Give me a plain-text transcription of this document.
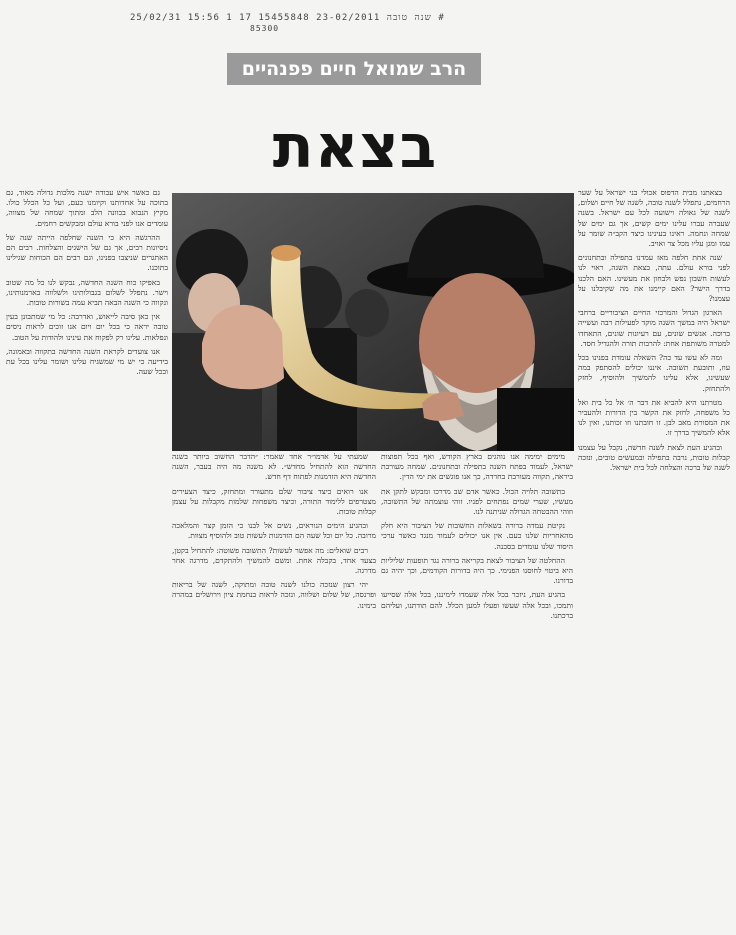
25/02/31 15:56 1 17 שנה טובה 23-02/2011 15455848 #
85300
הרב שמואל חיים פפנהיים
בצאת

בצאתנו מבית הדפוס אכולי בני ישראל על שער הרחמים, נתפלל לשנה טובה, לשנה של חיים ושלום, לשנה של גאולה וישועה לכל עם ישראל. בשנה שעברה עברו עלינו ימים קשים, אך גם ימים של שמחה ונחמה. ראינו בעינינו כיצד הקב״ה שומר על עמו ומגן עליו מכל צר ואויב.

שנה אחת חלפה מאז עמדנו בתפילה ובתחנונים לפני בורא עולם. עתה, בצאת השנה, ראוי לנו לעשות חשבון נפש ולבחון את מעשינו. האם הלכנו בדרך הישר? האם קיימנו את מה שקיבלנו על עצמנו?

הארגון הגדול והמרכזי החיים הציבוריים ברחבי ישראל היה במשך השנה מוקד לפעילות רבה ועשייה ברוכה. אנשים שונים, עם רעיונות שונים, התאחדו למטרה משותפת אחת: להרבות תורה ולהגדיל חסד.

ומה לא עשו עד כה? השאלה עומדת בפנינו בכל עוז, ותובעת תשובה. איננו יכולים להסתפק במה שעשינו, אלא עלינו להמשיך ולהוסיף, לחזק ולהתחזק.

מטרתנו היא להביא את דבר ה׳ אל כל בית ואל כל משפחה, לחזק את הקשר בין הדורות ולהעביר את המסורת מאב לבן. זו חובתנו וזו זכותנו, ואין לנו אלא להמשיך בדרך זו.

ובהגיע העת לצאת לשנה חדשה, נקבל על עצמנו קבלות טובות, נרבה בתפילה ובמעשים טובים, ונזכה לשנה של ברכה והצלחה לכל בית ישראל.

גם כאשר איש עבודה ישנה מלכות גדולה מאוד, גם בתוכה על אחדותנו וקיומנו כעם, ועל כל הכלל כולו. מקיץ הנבוא בכוונה הלב ומתוך שמחה של מצווה, עומדים אנו לפני בורא עולם ומבקשים רחמים.

ההרגשה היא כי השנה שחלפה הייתה שנה של ניסיונות רבים, אך גם של הישגים והצלחות. רבים הם האתגרים שניצבו בפנינו, וגם רבים הם הכוחות שגילינו בתוכנו.

באפיקו כוח השנה החדשה, נבקש לנו כל מה שטוב וישר. נתפלל לשלום בגבולותינו ולשלווה בארמנותינו, ונקווה כי השנה הבאה תביא עמה בשורות טובות.

אין כאן סיבה לייאוש, ואדרבה: כל מי שמתבונן בעין טובה יראה כי בכל יום ויום אנו זוכים לראות ניסים ונפלאות. עלינו רק לפקוח את עינינו ולהודות על הטוב.

אנו צועדים לקראת השנה החדשה בתקווה ובאמונה, בידיעה כי יש מי שמשגיח עלינו ושומר עלינו בכל עת ובכל שעה.

מימים ימימה אנו נוהגים בארץ הקודש, ואף בכל תפוצות ישראל, לעמוד בפתח השנה בתפילה ובתחנונים. שמחה מעורבת ביראה, תקווה מעורבת בחרדה, כך אנו פוגשים את ימי הדין.

בתשובה תלויה הכול. כאשר אדם שב מדרכו ומבקש לתקן את מעשיו, שערי שמים נפתחים לפניו. זוהי עוצמתה של התשובה, וזוהי ההבטחה הגדולה שניתנה לנו.

נקיטת עמדה ברורה בשאלות החשובות של הציבור היא חלק מהאחריות שלנו כעם. אין אנו יכולים לעמוד מנגד כאשר ערכי היסוד שלנו עומדים בסכנה.

ההחלטה של הציבור לצאת בקריאה ברורה נגד תופעות שליליות היא ביטוי לחוסנו הפנימי. כך היה בדורות הקודמים, וכך יהיה גם בדורנו.

בהגיע העת, ניזכר בכל אלה שעמדו לימיננו, בכל אלה שסייעו ותמכו, ובכל אלה שעשו ופעלו למען הכלל. להם תודתנו, ועליהם ברכתנו.

שמעתי על אדמו״ר אחד שאמר: ״הדבר החשוב ביותר בשנה החדשה הוא להתחיל מחדש״. לא משנה מה היה בעבר, השנה החדשה היא הזדמנות לפתוח דף חדש.

אנו רואים כיצד ציבור שלם מתעורר ומתחזק, כיצד הצעירים מצטרפים ללימוד התורה, וכיצד משפחות שלמות מקבלות על עצמן קבלות טובות.

ובהגיע הימים הנוראים, נשים אל לבנו כי הזמן קצר והמלאכה מרובה. כל יום וכל שעה הם הזדמנות לעשות טוב ולהוסיף מצוות.

רבים שואלים: מה אפשר לעשות? התשובה פשוטה: להתחיל בקטן, בצעד אחד, בקבלה אחת. ומשם להמשיך ולהתקדם, מדרגה אחר מדרגה.

יהי רצון שנזכה כולנו לשנה טובה ומתוקה, לשנה של בריאות ופרנסה, של שלום ושלווה, ונזכה לראות בנחמת ציון וירושלים במהרה בימינו.
